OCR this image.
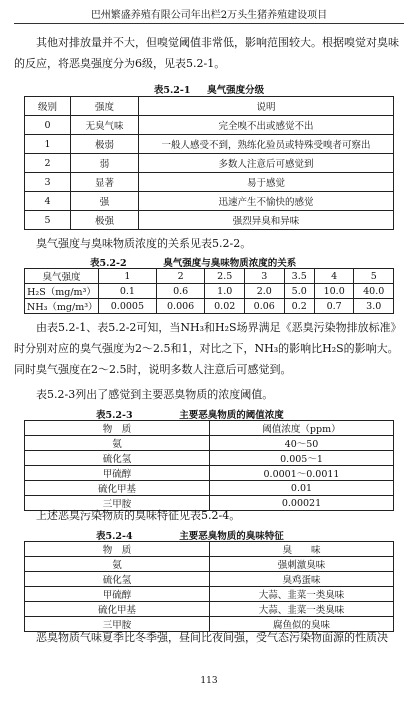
巴州繁盛养殖有限公司年出栏2万头生猪养殖建设项目
其他对排放量并不大，但嗅觉阈值非常低，影响范围较大。根据嗅觉对臭味的反应，将恶臭强度分为6级，见表5.2-1。
表5.2-1 臭气强度分级
级别	强度	说明
0	无臭气味	完全嗅不出或感觉不出
1	极弱	一般人感受不到，熟练化验员或特殊受嗅者可察出
2	弱	多数人注意后可感觉到
3	显著	易于感觉
4	强	迅速产生不愉快的感觉
5	极强	强烈异臭和异味
臭气强度与臭味物质浓度的关系见表5.2-2。
表5.2-2	臭气强度与臭味物质浓度的关系
臭气强度	1	2	2.5	3	3.5	4	5
H₂S（mg/m³）	0.1	0.6	1.0	2.0	5.0	10.0	40.0
NH₃（mg/m³）	0.0005	0.006	0.02	0.06	0.2	0.7	3.0
由表5.2-1、表5.2-2可知，当NH₃和H₂S场界满足《恶臭污染物排放标准》时分别对应的臭气强度为2～2.5和1，对比之下，NH₃的影响比H₂S的影响大。同时臭气强度在2～2.5时，说明多数人注意后可感觉到。
表5.2-3列出了感觉到主要恶臭物质的浓度阈值。
表5.2-3	主要恶臭物质的阈值浓度
物　质	阈值浓度（ppm）
氨	40～50
硫化氢	0.005～1
甲硫醇	0.0001～0.0011
硫化甲基	0.01
三甲胺	0.00021
上述恶臭污染物质的臭味特征见表5.2-4。
表5.2-4	主要恶臭物质的臭味特征
物　质	臭　　味
氨	强刺激臭味
硫化氢	臭鸡蛋味
甲硫醇	大蒜、韭菜一类臭味
硫化甲基	大蒜、韭菜一类臭味
三甲胺	腐鱼似的臭味
恶臭物质气味夏季比冬季强，昼间比夜间强，受气态污染物面源的性质决
113
